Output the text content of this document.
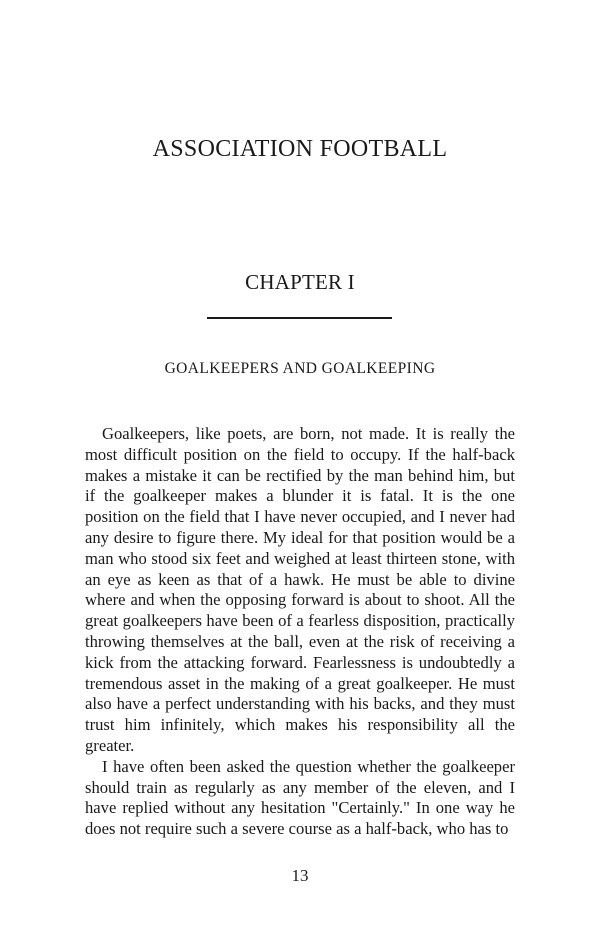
ASSOCIATION FOOTBALL
CHAPTER I
GOALKEEPERS AND GOALKEEPING

Goalkeepers, like poets, are born, not made. It is really the most difficult position on the field to occupy. If the half-back makes a mistake it can be rectified by the man behind him, but if the goalkeeper makes a blunder it is fatal. It is the one position on the field that I have never occupied, and I never had any desire to figure there. My ideal for that position would be a man who stood six feet and weighed at least thirteen stone, with an eye as keen as that of a hawk. He must be able to divine where and when the opposing forward is about to shoot. All the great goalkeepers have been of a fearless disposition, practically throwing themselves at the ball, even at the risk of receiving a kick from the attacking forward. Fearlessness is undoubtedly a tremendous asset in the making of a great goalkeeper. He must also have a perfect understanding with his backs, and they must trust him infinitely, which makes his responsibility all the greater.

I have often been asked the question whether the goalkeeper should train as regularly as any member of the eleven, and I have replied without any hesitation "Certainly." In one way he does not require such a severe course as a half-back, who has to

13
